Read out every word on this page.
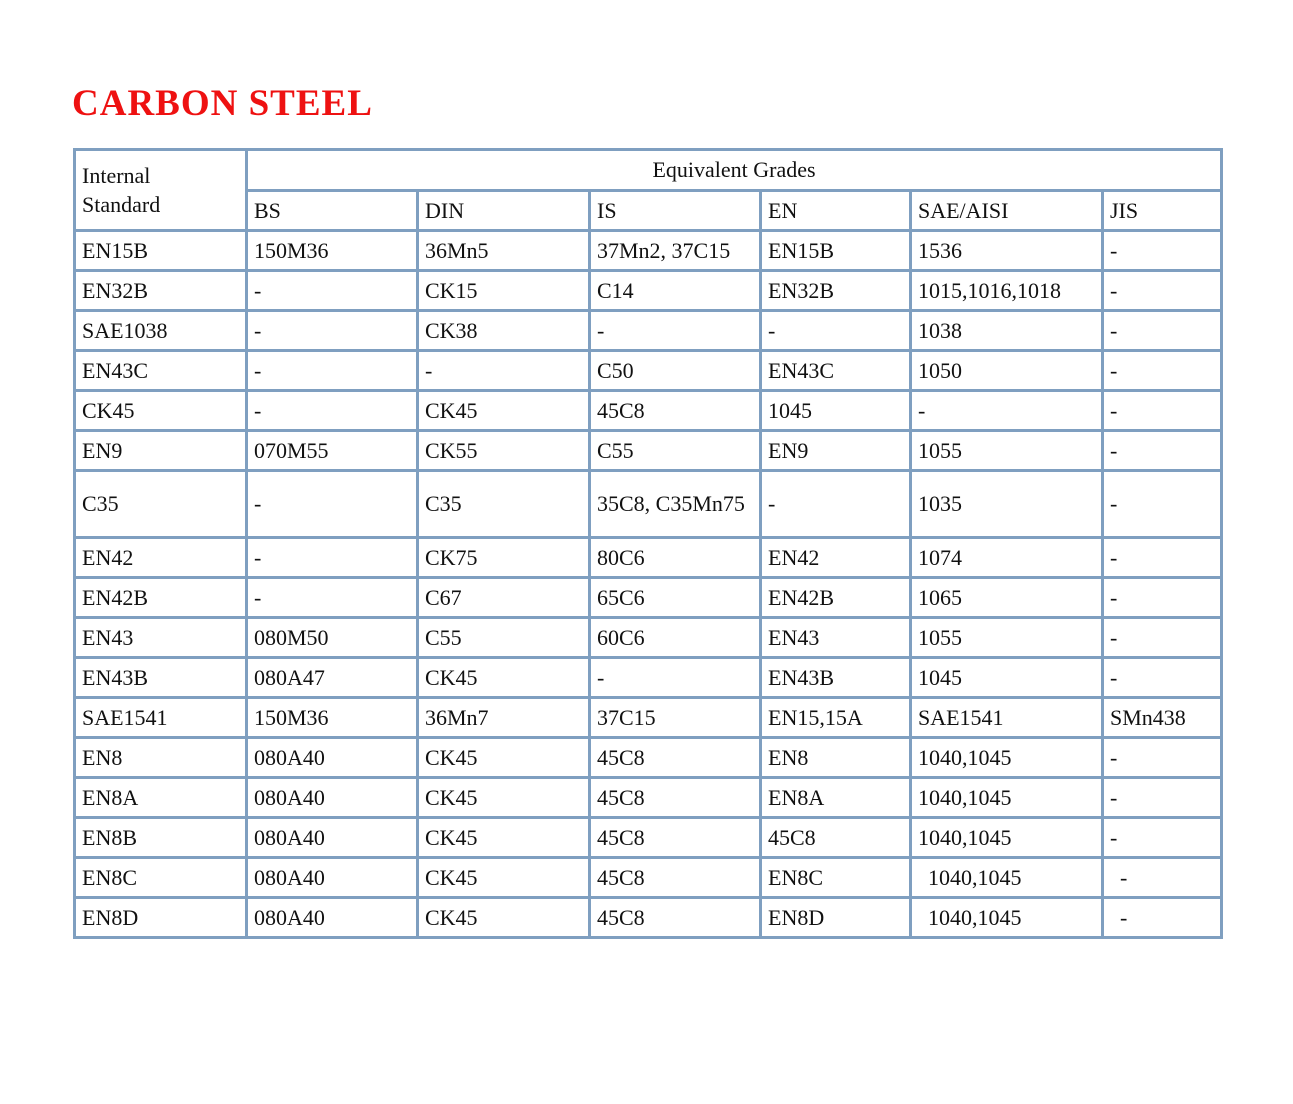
CARBON STEEL
Internal
Standard	Equivalent Grades					
	BS	DIN	IS	EN	SAE/AISI	JIS
EN15B	150M36	36Mn5	37Mn2, 37C15	EN15B	1536	-
EN32B	-	CK15	C14	EN32B	1015,1016,1018	-
SAE1038	-	CK38	-	-	1038	-
EN43C	-	-	C50	EN43C	1050	-
CK45	-	CK45	45C8	1045	-	-
EN9	070M55	CK55	C55	EN9	1055	-
C35	-	C35	35C8, C35Mn75	-	1035	-
EN42	-	CK75	80C6	EN42	1074	-
EN42B	-	C67	65C6	EN42B	1065	-
EN43	080M50	C55	60C6	EN43	1055	-
EN43B	080A47	CK45	-	EN43B	1045	-
SAE1541	150M36	36Mn7	37C15	EN15,15A	SAE1541	SMn438
EN8	080A40	CK45	45C8	EN8	1040,1045	-
EN8A	080A40	CK45	45C8	EN8A	1040,1045	-
EN8B	080A40	CK45	45C8	45C8	1040,1045	-
EN8C	080A40	CK45	45C8	EN8C	1040,1045	-
EN8D	080A40	CK45	45C8	EN8D	1040,1045	-
